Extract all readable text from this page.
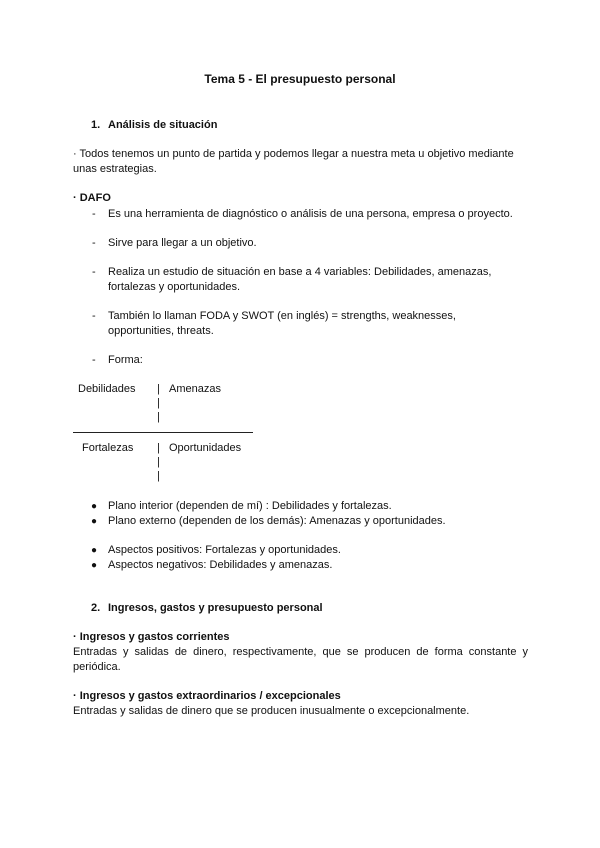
Tema 5 - El presupuesto personal
1. Análisis de situación
· Todos tenemos un punto de partida y podemos llegar a nuestra meta u objetivo mediante
unas estrategias.
· DAFO
- Es una herramienta de diagnóstico o análisis de una persona, empresa o proyecto.
- Sirve para llegar a un objetivo.
- Realiza un estudio de situación en base a 4 variables: Debilidades, amenazas,
fortalezas y oportunidades.
- También lo llaman FODA y SWOT (en inglés) = strengths, weaknesses,
opportunities, threats.
- Forma:
Debilidades | Amenazas
|
|
Fortalezas | Oportunidades
|
|
● Plano interior (dependen de mí) : Debilidades y fortalezas.
● Plano externo (dependen de los demás): Amenazas y oportunidades.
● Aspectos positivos: Fortalezas y oportunidades.
● Aspectos negativos: Debilidades y amenazas.
2. Ingresos, gastos y presupuesto personal
· Ingresos y gastos corrientes
Entradas y salidas de dinero, respectivamente, que se producen de forma constante y periódica.
· Ingresos y gastos extraordinarios / excepcionales
Entradas y salidas de dinero que se producen inusualmente o excepcionalmente.
